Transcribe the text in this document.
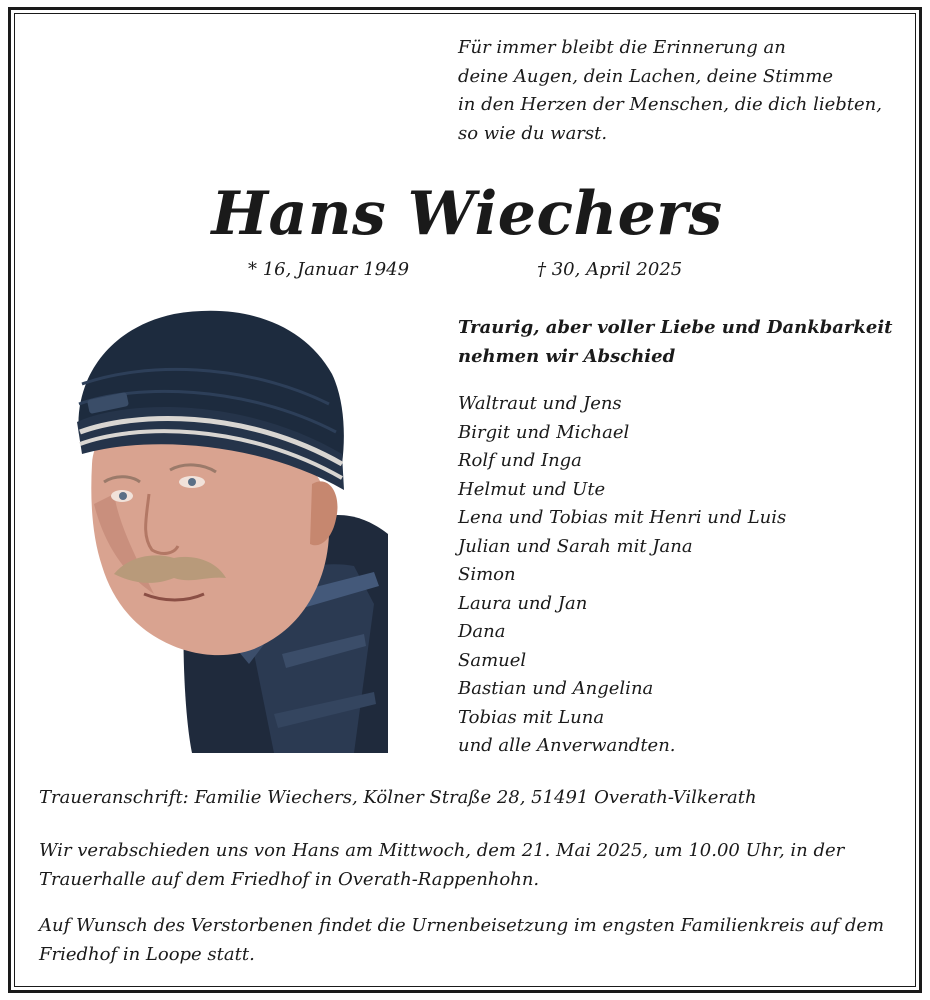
Für immer bleibt die Erinnerung an
deine Augen, dein Lachen, deine Stimme
in den Herzen der Menschen, die dich liebten,
so wie du warst.
Hans Wiechers
* 16, Januar 1949	† 30, April 2025
Traurig, aber voller Liebe und Dankbarkeit
nehmen wir Abschied
Waltraut und Jens
Birgit und Michael
Rolf und Inga
Helmut und Ute
Lena und Tobias mit Henri und Luis
Julian und Sarah mit Jana
Simon
Laura und Jan
Dana
Samuel
Bastian und Angelina
Tobias mit Luna
und alle Anverwandten.
Traueranschrift: Familie Wiechers, Kölner Straße 28, 51491 Overath-Vilkerath
Wir verabschieden uns von Hans am Mittwoch, dem 21. Mai 2025, um 10.00 Uhr, in der Trauerhalle auf dem Friedhof in Overath-Rappenhohn.
Auf Wunsch des Verstorbenen findet die Urnenbeisetzung im engsten Familienkreis auf dem Friedhof in Loope statt.
